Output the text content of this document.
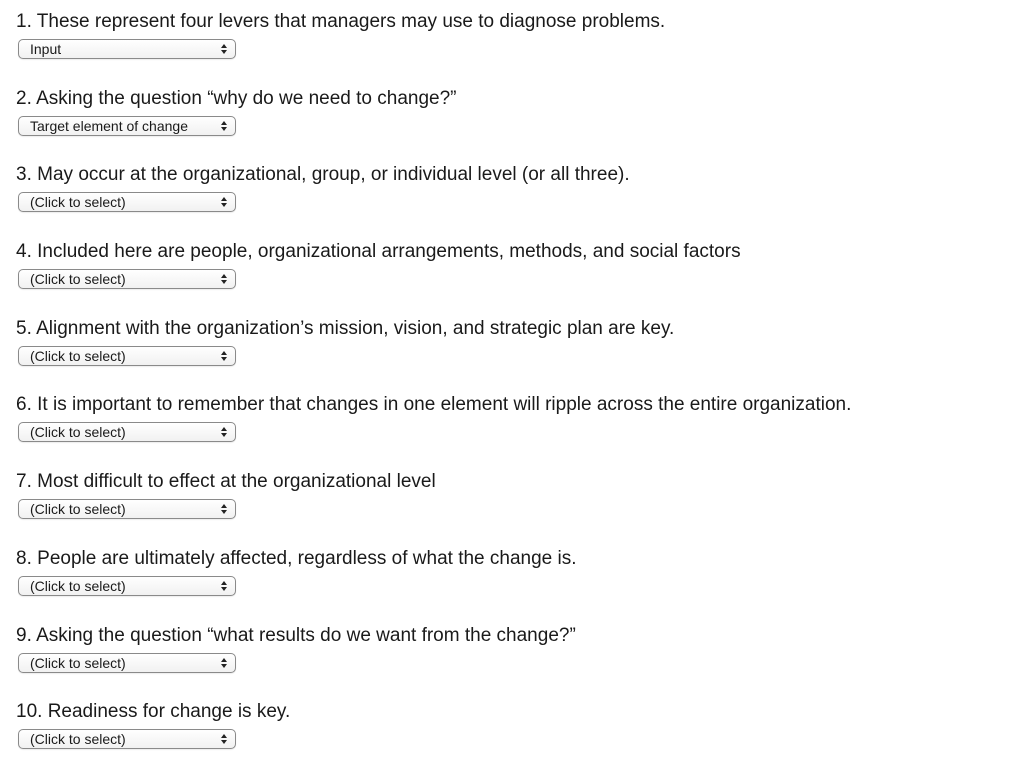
1. These represent four levers that managers may use to diagnose problems.

Input

2. Asking the question “why do we need to change?”

Target element of change

3. May occur at the organizational, group, or individual level (or all three).

(Click to select)

4. Included here are people, organizational arrangements, methods, and social factors

(Click to select)

5. Alignment with the organization’s mission, vision, and strategic plan are key.

(Click to select)

6. It is important to remember that changes in one element will ripple across the entire organization.

(Click to select)

7. Most difficult to effect at the organizational level

(Click to select)

8. People are ultimately affected, regardless of what the change is.

(Click to select)

9. Asking the question “what results do we want from the change?”

(Click to select)

10. Readiness for change is key.

(Click to select)
